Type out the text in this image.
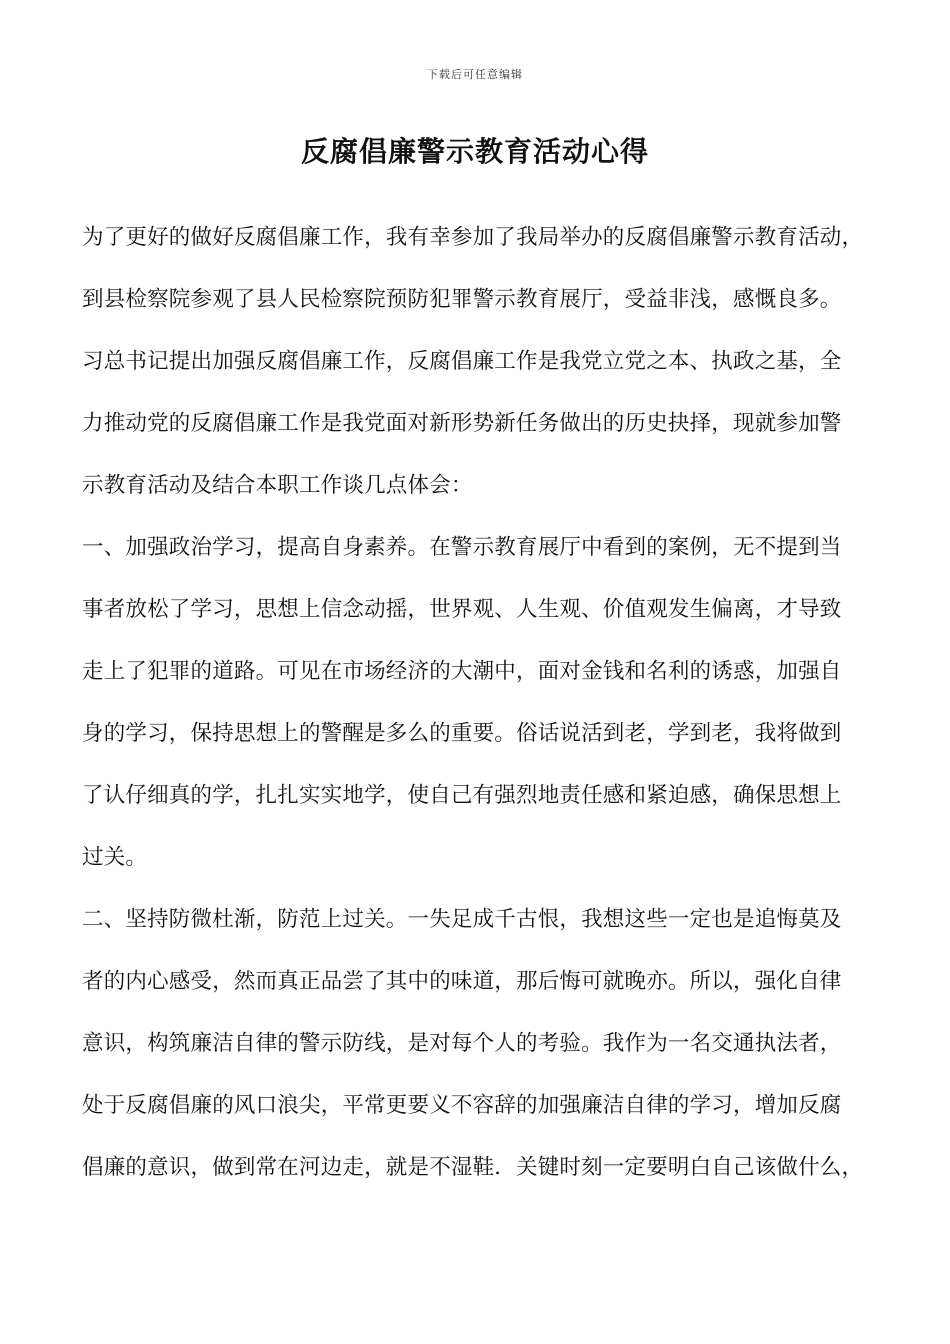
下载后可任意编辑
反腐倡廉警示教育活动心得
为了更好的做好反腐倡廉工作，我有幸参加了我局举办的反腐倡廉警示教育活动，
到县检察院参观了县人民检察院预防犯罪警示教育展厅，受益非浅，感慨良多。
习总书记提出加强反腐倡廉工作，反腐倡廉工作是我党立党之本、执政之基，全
力推动党的反腐倡廉工作是我党面对新形势新任务做出的历史抉择，现就参加警
示教育活动及结合本职工作谈几点体会：
一、加强政治学习，提高自身素养。在警示教育展厅中看到的案例，无不提到当
事者放松了学习，思想上信念动摇，世界观、人生观、价值观发生偏离，才导致
走上了犯罪的道路。可见在市场经济的大潮中，面对金钱和名利的诱惑，加强自
身的学习，保持思想上的警醒是多么的重要。俗话说活到老，学到老，我将做到
了认仔细真的学，扎扎实实地学，使自己有强烈地责任感和紧迫感，确保思想上
过关。
二、坚持防微杜渐，防范上过关。一失足成千古恨，我想这些一定也是追悔莫及
者的内心感受，然而真正品尝了其中的味道，那后悔可就晚亦。所以，强化自律
意识，构筑廉洁自律的警示防线，是对每个人的考验。我作为一名交通执法者，
处于反腐倡廉的风口浪尖，平常更要义不容辞的加强廉洁自律的学习，增加反腐
倡廉的意识，做到常在河边走，就是不湿鞋．关键时刻一定要明白自己该做什么，
